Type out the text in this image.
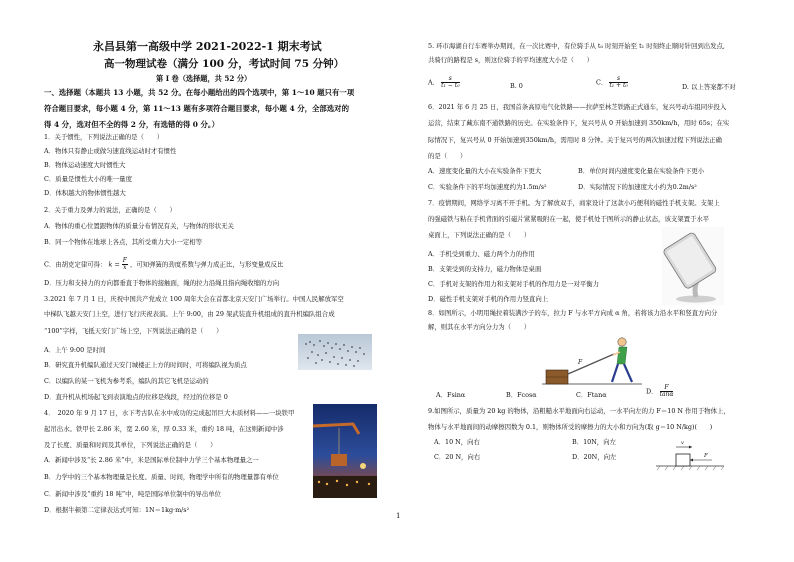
永昌县第一高级中学 2021-2022-1 期末考试
高一物理试卷（满分 100 分，考试时间 75 分钟）
第 I 卷（选择题，共 52 分）
一、选择题（本题共 13 小题，共 52 分。在每小题给出的四个选项中，第 1～10 题只有一项
符合题目要求，每小题 4 分，第 11～13 题有多项符合题目要求，每小题 4 分，全部选对的
得 4 分，选对但不全的得 2 分，有选错的得 0 分。）
1．关于惯性，下列说法正确的是（　　）
A．物体只有静止或做匀速直线运动时才有惯性
B．物体运动速度大时惯性大
C．质量是惯性大小的唯一量度
D．体积越大的物体惯性越大
2．关于重力及弹力的说法，正确的是（　　）
A．物体的重心位置跟物体的质量分布情况有关，与物体的形状无关
B．同一个物体在地球上各点，其所受重力大小一定相等
C．由胡克定律可得： $k = \frac{F}{x}$ ，可知弹簧的劲度系数与弹力成正比，与形变量成反比
D．压力和支持力的方向都垂直于物体的接触面，绳的拉力沿绳且指向绳收缩的方向
3.2021 年 7 月 1 日，庆祝中国共产党成立 100 周年大会在首都北京天安门广场举行。中国人民解放军空
中梯队飞越天安门上空，进行飞行庆祝表演。上午 9:00，由 29 架武装直升机组成的直升机编队组合成
“100”字样，飞抵天安门广场上空，下列说法正确的是（　　）
A．上午 9:00 是时间
B．研究直升机编队通过天安门城楼正上方的时间时，可将编队视为质点
C．以编队的某一飞机为参考系，编队的其它飞机是运动的
D．直升机从机场起飞到表演地点的位移是线段，经过的位移是 0
4．　2020 年 9 月 17 日，水下考古队在水中成功的完成起吊巨大木质材料——一块铁甲
起吊出水。铁甲长 2.86 米，宽 2.60 米，厚 0.33 米，重约 18 吨，在这则新闻中涉
及了长度、质量和时间及其单位，下列说法正确的是（　　）
A．新闻中涉及“长 2.86 米”中，米是国际单位制中力学三个基本物理量之一
B．力学中的三个基本物理量是长度、质量、时间，物理学中所有的物理量都有单位
C．新闻中涉及“重约 18 吨”中，吨是国际单位制中的导出单位
D．根据牛顿第二定律表达式可知：1N＝1kg·m/s²
5. 环市海湖自行车赛举办期间，在一次比赛中，有位骑手从 t₀ 时刻开始至 t₁ 时刻终止顺时针回到出发点,
共骑行的路程是 s，则这位骑手的平均速度大小是（　　）
A． $\frac{s}{\text{t₁ − t₀}}$	B. 0	C． $\frac{s}{\text{t₁ + t₀}}$	D. 以上答案都不对
6．2021 年 6 月 25 日，我国首条高原电气化铁路——拉萨至林芝铁路正式通车，复兴号动车组同步投入
运营，结束了藏东南不通铁路的历史。在实验条件下，复兴号从 0 开始加速到 350km/h，用时 65s；在实
际情况下，复兴号从 0 开始加速到350km/h，需用时 8 分钟。关于复兴号的两次加速过程下列说法正确
的是（　　）
A．速度变化量的大小在实验条件下更大	B．单位时间内速度变化量在实验条件下更小
C．实验条件下的平均加速度约为1.5m/s²	D．实际情况下的加速度大小约为0.2m/s²
7．疫情期间，网络学习离不开手机。为了解放双手，商家设计了这款小巧便利的磁性手机支架。支架上
的强磁铁与粘在手机背面的引磁片紧紧吸附在一起，使手机处于图所示的静止状态，该支架置于水平
桌面上，下列说法正确的是（　　）
A．手机受到重力、磁力两个力的作用
B．支架受到的支持力，磁力物体是桌面
C．手机对支架的作用力和支架对手机的作用力是一对平衡力
D．磁性手机支架对手机的作用力竖直向上
8．如图所示，小明用绳拉着装满沙子的车，拉力 F 与水平方向成 α 角，若将该力沿水平和竖直方向分
解，则其在水平方向分力为（　　）
F
A．Fsinα	B．Fcosα	C．Ftanα	D． $\frac{F}{\tan\alpha}$
9.如图所示，质量为 20 kg 的物体，沿粗糙水平地面向右运动，一水平向左的力 F＝10 N 作用于物体上，
物体与水平地面间的动摩擦因数为 0.1，则物体所受的摩擦力的大小和方向为(取 g＝10 N/kg)(　　)
A．10 N，向右	B．10N，向左
C．20 N，向右	D．20N，向左
v
F
1
